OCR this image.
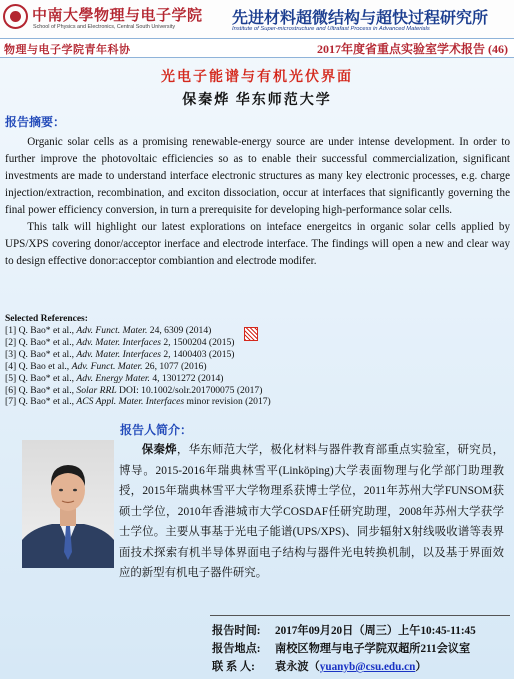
中南大學物理与电子学院
School of Physics and Electronics, Central South University	先进材料超微结构与超快过程研究所
Institute of Super-microstructure and Ultrafast Process in Advanced Materials
物理与电子学院青年科协	2017年度省重点实验室学术报告 (46)
光电子能谱与有机光伏界面
保秦烨 华东师范大学
报告摘要：

Organic solar cells as a promising renewable-energy source are under intense development. In order to further improve the photovoltaic efficiencies so as to enable their successful commercialization, significant investments are made to understand interface electronic structures as many key electronic processes, e.g. charge injection/extraction, recombination, and exciton dissociation, occur at interfaces that significantly governing the final power efficiency conversion, in turn a prerequisite for developing high-performance solar cells.

This talk will highlight our latest explorations on inteface energeitcs in organic solar cells applied by UPS/XPS covering donor/acceptor inerface and electrode interface. The findings will open a new and clear way to design effective donor:acceptor combiantion and electrode modifer.

Selected References:
[1] Q. Bao* et al., Adv. Funct. Mater. 24, 6309 (2014)
[2] Q. Bao* et al., Adv. Mater. Interfaces 2, 1500204 (2015)
[3] Q. Bao* et al., Adv. Mater. Interfaces 2, 1400403 (2015)
[4] Q. Bao et al., Adv. Funct. Mater. 26, 1077 (2016)
[5] Q. Bao* et al., Adv. Energy Mater. 4, 1301272 (2014)
[6] Q. Bao* et al., Solar RRL DOI: 10.1002/solr.201700075 (2017)
[7] Q. Bao* et al., ACS Appl. Mater. Interfaces minor revision (2017)
报告人简介：

保秦烨，华东师范大学，极化材料与器件教育部重点实验室，研究员，博导。2015-2016年瑞典林雪平(Linköping)大学表面物理与化学部门助理教授，2015年瑞典林雪平大学物理系获博士学位，2011年苏州大学FUNSOM获硕士学位，2010年香港城市大学COSDAF任研究助理，2008年苏州大学获学士学位。主要从事基于光电子能谱(UPS/XPS)、同步辐射X射线吸收谱等表界面技术探索有机半导体界面电子结构与器件光电转换机制，以及基于界面效应的新型有机电子器件研究。

报告时间: 2017年09月20日（周三）上午10:45-11:45
报告地点: 南校区物理与电子学院双超所211会议室
联 系 人: 袁永波（yuanyb@csu.edu.cn）
